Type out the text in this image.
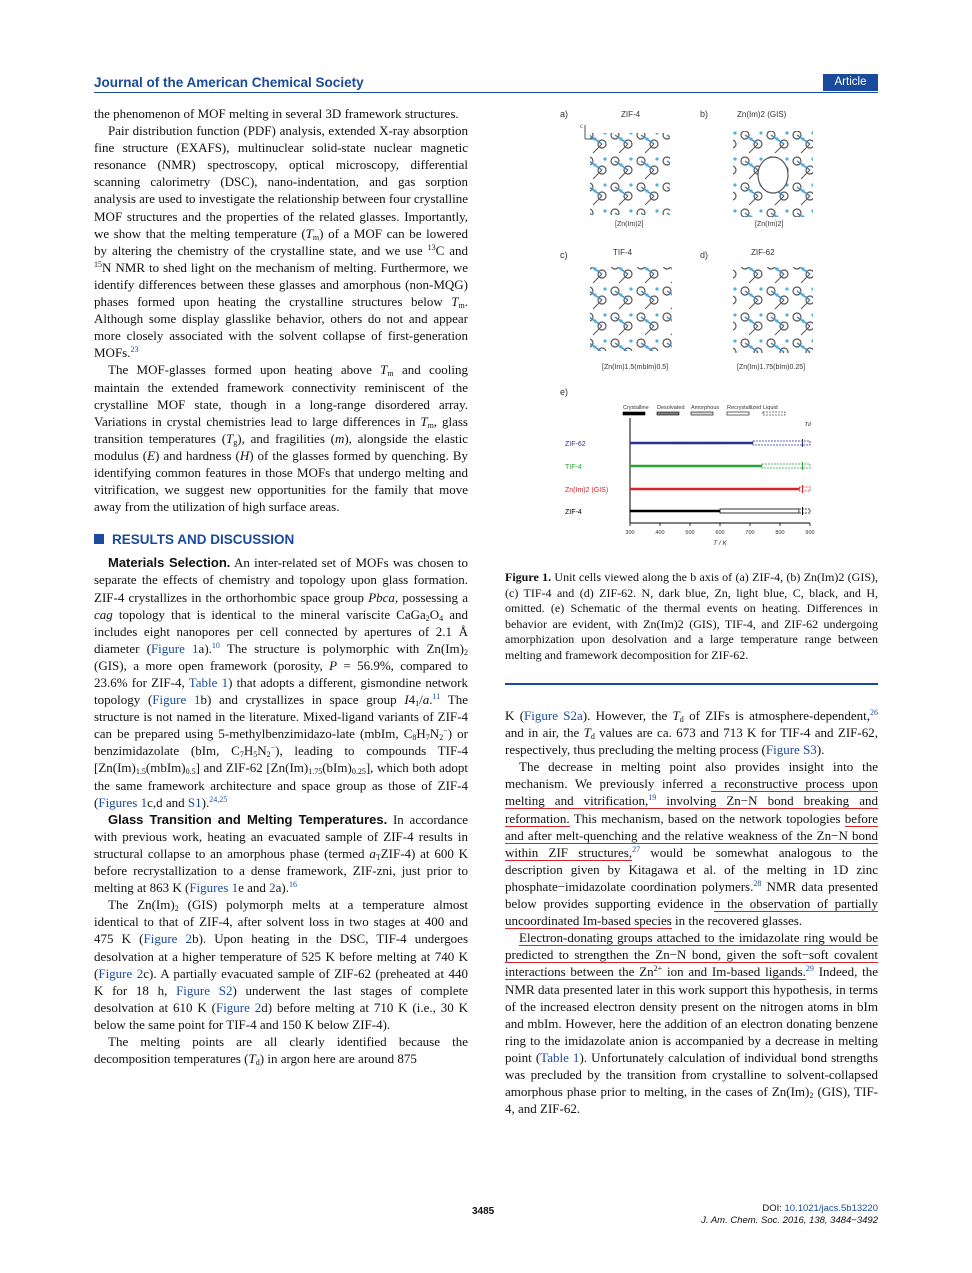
Journal of the American Chemical Society	Article

the phenomenon of MOF melting in several 3D framework structures.

Pair distribution function (PDF) analysis, extended X-ray absorption fine structure (EXAFS), multinuclear solid-state nuclear magnetic resonance (NMR) spectroscopy, optical microscopy, differential scanning calorimetry (DSC), nano-indentation, and gas sorption analysis are used to investigate the relationship between four crystalline MOF structures and the properties of the related glasses. Importantly, we show that the melting temperature $(T_m)$ of a MOF can be lowered by altering the chemistry of the crystalline state, and we use $^{13}$C and $^{15}$N NMR to shed light on the mechanism of melting. Furthermore, we identify differences between these glasses and amorphous (non-MQG) phases formed upon heating the crystalline structures below $T_m$. Although some display glasslike behavior, others do not and appear more closely associated with the solvent collapse of first-generation MOFs.$^{23}$

The MOF-glasses formed upon heating above $T_m$ and cooling maintain the extended framework connectivity reminiscent of the crystalline MOF state, though in a long-range disordered array. Variations in crystal chemistries lead to large differences in $T_m$, glass transition temperatures $(T_g)$, and fragilities (m), alongside the elastic modulus (E) and hardness (H) of the glasses formed by quenching. By identifying common features in those MOFs that undergo melting and vitrification, we suggest new opportunities for the family that move away from the utilization of high surface areas.

RESULTS AND DISCUSSION

Materials Selection. An inter-related set of MOFs was chosen to separate the effects of chemistry and topology upon glass formation. ZIF-4 crystallizes in the orthorhombic space group Pbca, possessing a cag topology that is identical to the mineral variscite $CaGa_2O_4$ and includes eight nanopores per cell connected by apertures of 2.1 Å diameter (Figure 1a).$^{10}$ The structure is polymorphic with $Zn(Im)_2$ (GIS), a more open framework (porosity, P = 56.9%, compared to 23.6% for ZIF-4, Table 1) that adopts a different, gismondine network topology (Figure 1b) and crystallizes in space group $I4_1/a.^{11}$ The structure is not named in the literature. Mixed-ligand variants of ZIF-4 can be prepared using 5-methylbenzimidazo-late (mbIm, $C_8H_7N_2^-$) or benzimidazolate (bIm, $C_7H_5N_2^-$), leading to compounds TIF-4 $[Zn(Im)_{1.5}(mbIm)_{0.5}]$ and ZIF-62 $[Zn(Im)_{1.75}(bIm)_{0.25}]$, which both adopt the same framework architecture and space group as those of ZIF-4 (Figures 1c,d and S1).$^{24,25}$

Glass Transition and Melting Temperatures. In accordance with previous work, heating an evacuated sample of ZIF-4 results in structural collapse to an amorphous phase (termed $a_TZIF-4$) at 600 K before recrystallization to a dense framework, ZIF-zni, just prior to melting at 863 K (Figures 1e and 2a).$^{16}$

The $Zn(Im)_2$ (GIS) polymorph melts at a temperature almost identical to that of ZIF-4, after solvent loss in two stages at 400 and 475 K (Figure 2b). Upon heating in the DSC, TIF-4 undergoes desolvation at a higher temperature of 525 K before melting at 740 K (Figure 2c). A partially evacuated sample of ZIF-62 (preheated at 440 K for 18 h, Figure S2) underwent the last stages of complete desolvation at 610 K (Figure 2d) before melting at 710 K (i.e., 30 K below the same point for TIF-4 and 150 K below ZIF-4).

The melting points are all clearly identified because the decomposition temperatures $(T_d)$ in argon here are around 875

a)	ZIF-4
c
[Zn(Im)2]
b)	Zn(Im)2 (GIS)
[Zn(Im)2]
c)	TIF-4
[Zn(Im)1.5(mbIm)0.5]
d)	ZIF-62
[Zn(Im)1.75(bIm)0.25]
e)
Crystalline Desolvated Amorphous Recrystallized Liquid
300	400	500	600	700	800	900
T / K
Td
ZIF-62
TIF-4
Zn(Im)2 (GIS)
ZIF-4
Figure 1. Unit cells viewed along the b axis of (a) ZIF-4, (b) Zn(Im)2 (GIS), (c) TIF-4 and (d) ZIF-62. N, dark blue, Zn, light blue, C, black, and H, omitted. (e) Schematic of the thermal events on heating. Differences in behavior are evident, with Zn(Im)2 (GIS), TIF-4, and ZIF-62 undergoing amorphization upon desolvation and a large temperature range between melting and framework decomposition for ZIF-62.

K (Figure S2a). However, the $T_d$ of ZIFs is atmosphere-dependent,$^{26}$ and in air, the $T_d$ values are ca. 673 and 713 K for TIF-4 and ZIF-62, respectively, thus precluding the melting process (Figure S3).

The decrease in melting point also provides insight into the mechanism. We previously inferred a reconstructive process upon melting and vitrification,$^{19}$ involving Zn−N bond breaking and reformation. This mechanism, based on the network topologies before and after melt-quenching and the relative weakness of the Zn−N bond within ZIF structures,$^{27}$ would be somewhat analogous to the description given by Kitagawa et al. of the melting in 1D zinc phosphate−imidazolate coordination polymers.$^{28}$ NMR data presented below provides supporting evidence in the observation of partially uncoordinated Im-based species in the recovered glasses.

Electron-donating groups attached to the imidazolate ring would be predicted to strengthen the Zn−N bond, given the soft−soft covalent interactions between the $Zn^{2+}$ ion and Im-based ligands.$^{29}$ Indeed, the NMR data presented later in this work support this hypothesis, in terms of the increased electron density present on the nitrogen atoms in bIm and mbIm. However, here the addition of an electron donating benzene ring to the imidazolate anion is accompanied by a decrease in melting point (Table 1). Unfortunately calculation of individual bond strengths was precluded by the transition from crystalline to solvent-collapsed amorphous phase prior to melting, in the cases of $Zn(Im)_2$ (GIS), TIF-4, and ZIF-62.

3485	DOI: 10.1021/jacs.5b13220
J. Am. Chem. Soc. 2016, 138, 3484−3492
